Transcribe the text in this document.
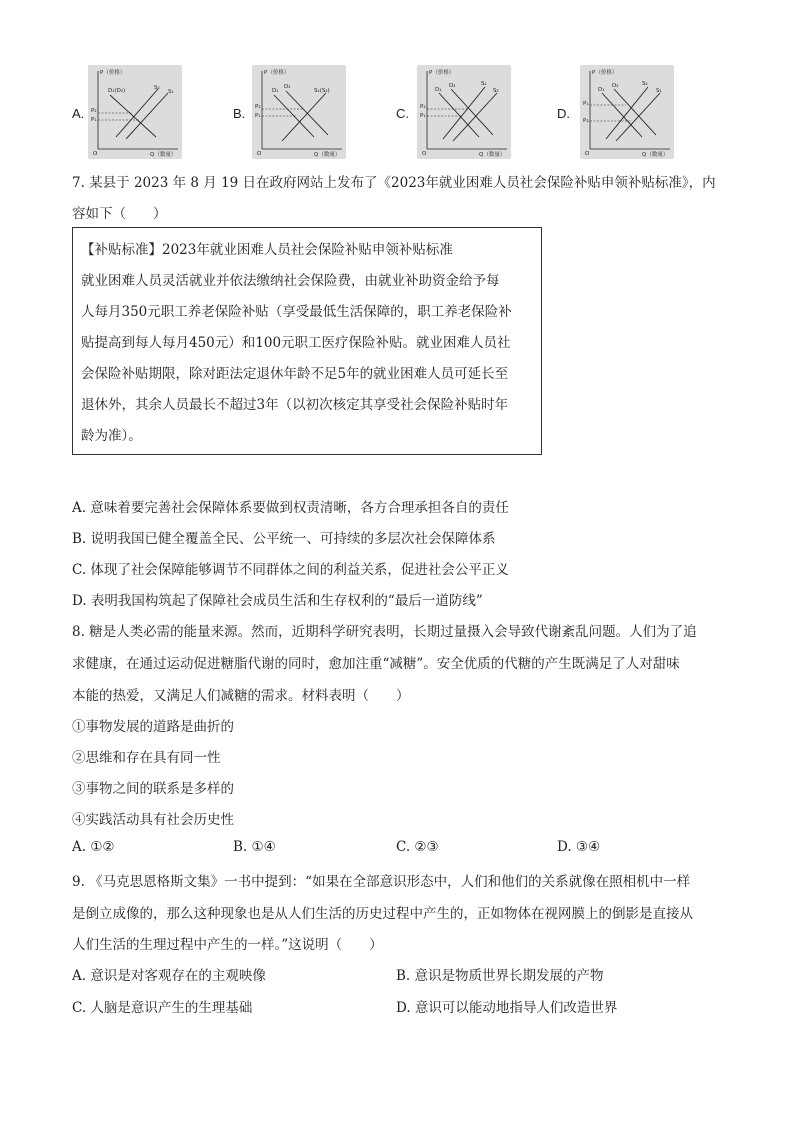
A.	B.	C.	D.
P（价格）
Q（数量）
O
D₁(D₂)	S₂
S₁
P₂
P₁
P（价格）
Q（数量）
O
D₁
D₂
S₁(S₂)
P₂
P₁
P（价格）
Q（数量）
O
D₁
D₂	S₁
S₂
P₂
P₁
P（价格）
Q（数量）
O
D₁
D₂	S₂
S₁
P₁
P₂
7. 某县于 2023 年 8 月 19 日在政府网站上发布了《2023年就业困难人员社会保险补贴申领补贴标准》，内
容如下（　　）
【补贴标准】2023年就业困难人员社会保险补贴申领补贴标准
就业困难人员灵活就业并依法缴纳社会保险费，由就业补助资金给予每
人每月350元职工养老保险补贴（享受最低生活保障的，职工养老保险补
贴提高到每人每月450元）和100元职工医疗保险补贴。就业困难人员社
会保险补贴期限，除对距法定退休年龄不足5年的就业困难人员可延长至
退休外，其余人员最长不超过3年（以初次核定其享受社会保险补贴时年
龄为准）。
A. 意味着要完善社会保障体系要做到权责清晰，各方合理承担各自的责任
B. 说明我国已健全覆盖全民、公平统一、可持续的多层次社会保障体系
C. 体现了社会保障能够调节不同群体之间的利益关系，促进社会公平正义
D. 表明我国构筑起了保障社会成员生活和生存权利的“最后一道防线”
8. 糖是人类必需的能量来源。然而，近期科学研究表明，长期过量摄入会导致代谢紊乱问题。人们为了追
求健康，在通过运动促进糖脂代谢的同时，愈加注重“减糖”。安全优质的代糖的产生既满足了人对甜味
本能的热爱，又满足人们减糖的需求。材料表明（　　）
①事物发展的道路是曲折的
②思维和存在具有同一性
③事物之间的联系是多样的
④实践活动具有社会历史性
A. ①②	B. ①④	C. ②③	D. ③④
9. 《马克思恩格斯文集》一书中提到：“如果在全部意识形态中，人们和他们的关系就像在照相机中一样
是倒立成像的，那么这种现象也是从人们生活的历史过程中产生的，正如物体在视网膜上的倒影是直接从
人们生活的生理过程中产生的一样。”这说明（　　）
A. 意识是对客观存在的主观映像	B. 意识是物质世界长期发展的产物
C. 人脑是意识产生的生理基础	D. 意识可以能动地指导人们改造世界
